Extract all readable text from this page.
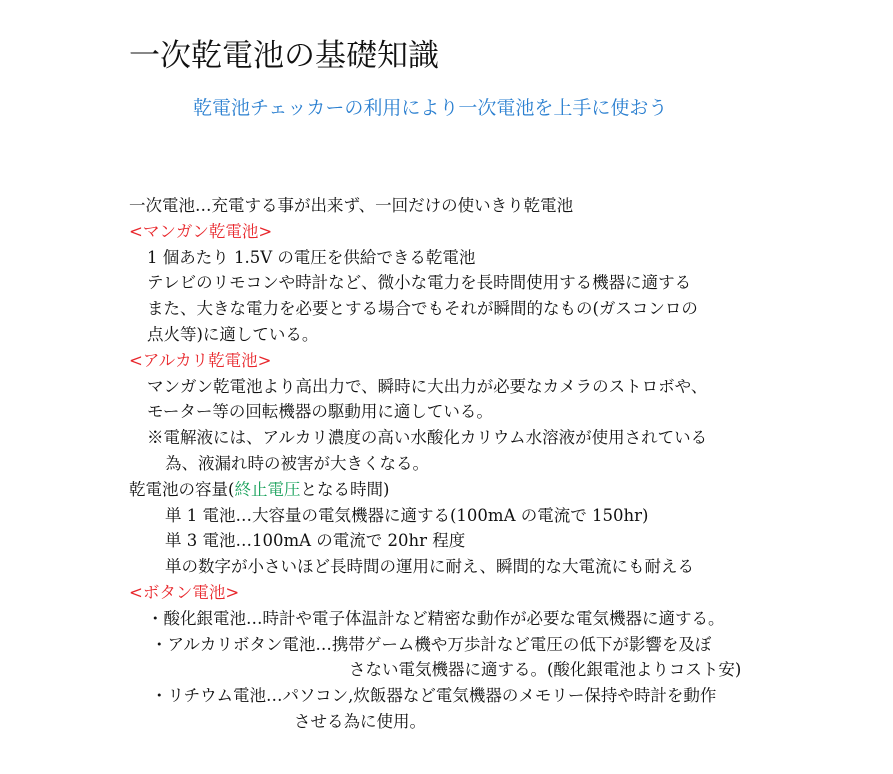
一次乾電池の基礎知識
乾電池チェッカーの利用により一次電池を上手に使おう
一次電池…充電する事が出来ず、一回だけの使いきり乾電池
<マンガン乾電池>
1 個あたり 1.5V の電圧を供給できる乾電池
テレビのリモコンや時計など、微小な電力を長時間使用する機器に適する
また、大きな電力を必要とする場合でもそれが瞬間的なもの(ガスコンロの
点火等)に適している。
<アルカリ乾電池>
マンガン乾電池より高出力で、瞬時に大出力が必要なカメラのストロボや、
モーター等の回転機器の駆動用に適している。
※電解液には、アルカリ濃度の高い水酸化カリウム水溶液が使用されている
為、液漏れ時の被害が大きくなる。
乾電池の容量(終止電圧となる時間)
単 1 電池…大容量の電気機器に適する(100mA の電流で 150hr)
単 3 電池…100mA の電流で 20hr 程度
単の数字が小さいほど長時間の運用に耐え、瞬間的な大電流にも耐える
<ボタン電池>
・酸化銀電池…時計や電子体温計など精密な動作が必要な電気機器に適する。
・アルカリボタン電池…携帯ゲーム機や万歩計など電圧の低下が影響を及ぼ
さない電気機器に適する。(酸化銀電池よりコスト安)
・リチウム電池…パソコン,炊飯器など電気機器のメモリー保持や時計を動作
させる為に使用。
